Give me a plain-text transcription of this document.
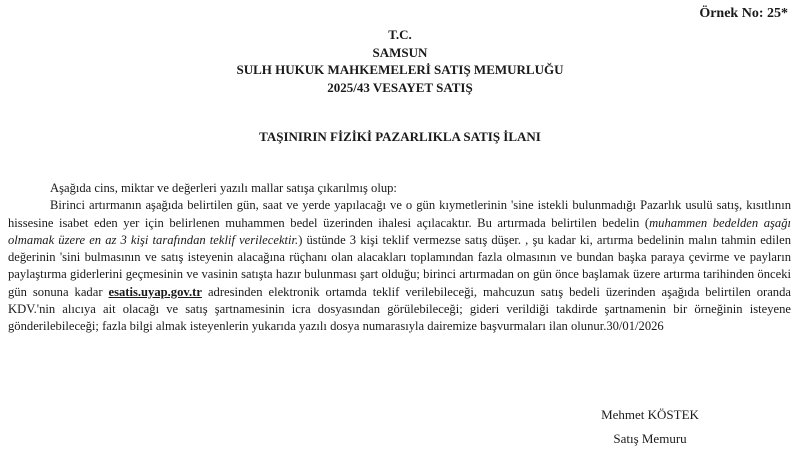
Örnek No: 25*
T.C.
SAMSUN
SULH HUKUK MAHKEMELERİ SATIŞ MEMURLUĞU
2025/43 VESAYET SATIŞ
TAŞINIRIN FİZİKİ PAZARLIKLA SATIŞ İLANI

Aşağıda cins, miktar ve değerleri yazılı mallar satışa çıkarılmış olup:

Birinci artırmanın aşağıda belirtilen gün, saat ve yerde yapılacağı ve o gün kıymetlerinin 'sine istekli bulunmadığı Pazarlık usulü satış, kısıtlının hissesine isabet eden yer için belirlenen muhammen bedel üzerinden ihalesi açılacaktır. Bu artırmada belirtilen bedelin (muhammen bedelden aşağı olmamak üzere en az 3 kişi tarafından teklif verilecektir.) üstünde 3 kişi teklif vermezse satış düşer. , şu kadar ki, artırma bedelinin malın tahmin edilen değerinin 'sini bulmasının ve satış isteyenin alacağına rüçhanı olan alacakları toplamından fazla olmasının ve bundan başka paraya çevirme ve payların paylaştırma giderlerini geçmesinin ve vasinin satışta hazır bulunması şart olduğu; birinci artırmadan on gün önce başlamak üzere artırma tarihinden önceki gün sonuna kadar esatis.uyap.gov.tr adresinden elektronik ortamda teklif verilebileceği, mahcuzun satış bedeli üzerinden aşağıda belirtilen oranda KDV.'nin alıcıya ait olacağı ve satış şartnamesinin icra dosyasından görülebileceği; gideri verildiği takdirde şartnamenin bir örneğinin isteyene gönderilebileceği; fazla bilgi almak isteyenlerin yukarıda yazılı dosya numarasıyla dairemize başvurmaları ilan olunur.30/01/2026

Mehmet KÖSTEK
Satış Memuru
